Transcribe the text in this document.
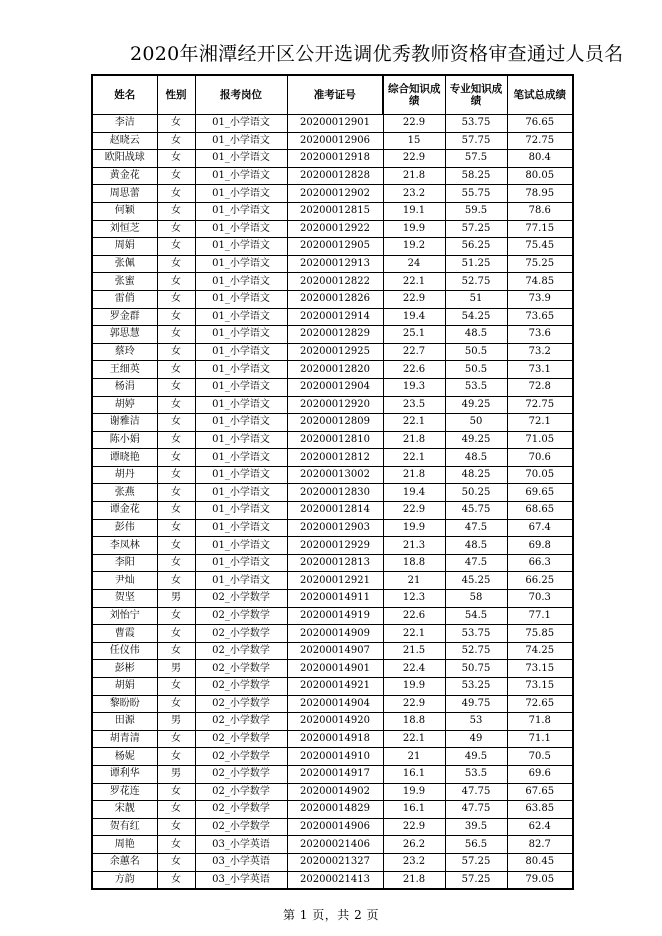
2020年湘潭经开区公开选调优秀教师资格审查通过人员名
姓名	性别	报考岗位	准考证号	综合知识成绩	专业知识成绩	笔试总成绩
李洁	女	01_小学语文	20200012901	22.9	53.75	76.65
赵晓云	女	01_小学语文	20200012906	15	57.75	72.75
欧阳战球	女	01_小学语文	20200012918	22.9	57.5	80.4
黄金花	女	01_小学语文	20200012828	21.8	58.25	80.05
周思蕾	女	01_小学语文	20200012902	23.2	55.75	78.95
何颖	女	01_小学语文	20200012815	19.1	59.5	78.6
刘恒芝	女	01_小学语文	20200012922	19.9	57.25	77.15
周娟	女	01_小学语文	20200012905	19.2	56.25	75.45
张佩	女	01_小学语文	20200012913	24	51.25	75.25
张蜜	女	01_小学语文	20200012822	22.1	52.75	74.85
雷俏	女	01_小学语文	20200012826	22.9	51	73.9
罗金群	女	01_小学语文	20200012914	19.4	54.25	73.65
郭思慧	女	01_小学语文	20200012829	25.1	48.5	73.6
蔡玲	女	01_小学语文	20200012925	22.7	50.5	73.2
王细英	女	01_小学语文	20200012820	22.6	50.5	73.1
杨涓	女	01_小学语文	20200012904	19.3	53.5	72.8
胡婷	女	01_小学语文	20200012920	23.5	49.25	72.75
谢雅洁	女	01_小学语文	20200012809	22.1	50	72.1
陈小娟	女	01_小学语文	20200012810	21.8	49.25	71.05
谭晓艳	女	01_小学语文	20200012812	22.1	48.5	70.6
胡丹	女	01_小学语文	20200013002	21.8	48.25	70.05
张燕	女	01_小学语文	20200012830	19.4	50.25	69.65
谭金花	女	01_小学语文	20200012814	22.9	45.75	68.65
彭伟	女	01_小学语文	20200012903	19.9	47.5	67.4
李凤林	女	01_小学语文	20200012929	21.3	48.5	69.8
李阳	女	01_小学语文	20200012813	18.8	47.5	66.3
尹灿	女	01_小学语文	20200012921	21	45.25	66.25
贺坚	男	02_小学数学	20200014911	12.3	58	70.3
刘怡宁	女	02_小学数学	20200014919	22.6	54.5	77.1
曹霞	女	02_小学数学	20200014909	22.1	53.75	75.85
任仪伟	女	02_小学数学	20200014907	21.5	52.75	74.25
彭彬	男	02_小学数学	20200014901	22.4	50.75	73.15
胡娟	女	02_小学数学	20200014921	19.9	53.25	73.15
黎盼盼	女	02_小学数学	20200014904	22.9	49.75	72.65
田源	男	02_小学数学	20200014920	18.8	53	71.8
胡青清	女	02_小学数学	20200014918	22.1	49	71.1
杨妮	女	02_小学数学	20200014910	21	49.5	70.5
谭利华	男	02_小学数学	20200014917	16.1	53.5	69.6
罗花连	女	02_小学数学	20200014902	19.9	47.75	67.65
宋靓	女	02_小学数学	20200014829	16.1	47.75	63.85
贺有红	女	02_小学数学	20200014906	22.9	39.5	62.4
周艳	女	03_小学英语	20200021406	26.2	56.5	82.7
余蕙名	女	03_小学英语	20200021327	23.2	57.25	80.45
方韵	女	03_小学英语	20200021413	21.8	57.25	79.05
第 1 页，共 2 页
